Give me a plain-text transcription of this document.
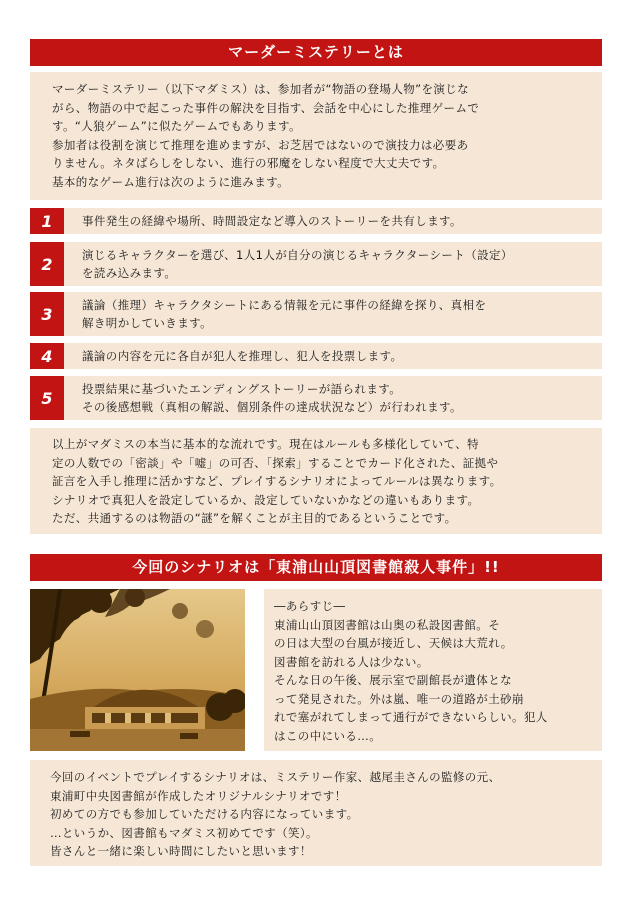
マーダーミステリーとは

マーダーミステリー（以下マダミス）は、参加者が“物語の登場人物”を演じな

がら、物語の中で起こった事件の解決を目指す、会話を中心にした推理ゲームで

す。“人狼ゲーム”に似たゲームでもあります。

参加者は役割を演じて推理を進めますが、お芝居ではないので演技力は必要あ

りません。ネタばらしをしない、進行の邪魔をしない程度で大丈夫です。

基本的なゲーム進行は次のように進みます。

1	事件発生の経緯や場所、時間設定など導入のストーリーを共有します。
2	演じるキャラクターを選び、1人1人が自分の演じるキャラクターシート（設定）
を読み込みます。
3	議論（推理）キャラクタシートにある情報を元に事件の経緯を探り、真相を
解き明かしていきます。
4	議論の内容を元に各自が犯人を推理し、犯人を投票します。
5	投票結果に基づいたエンディングストーリーが語られます。
その後感想戦（真相の解説、個別条件の達成状況など）が行われます。

以上がマダミスの本当に基本的な流れです。現在はルールも多様化していて、特

定の人数での「密談」や「嘘」の可否、「探索」することでカード化された、証拠や

証言を入手し推理に活かすなど、プレイするシナリオによってルールは異なります。

シナリオで真犯人を設定しているか、設定していないかなどの違いもあります。

ただ、共通するのは物語の“謎”を解くことが主目的であるということです。

今回のシナリオは「東浦山山頂図書館殺人事件」!!

―あらすじ―

東浦山山頂図書館は山奥の私設図書館。そ

の日は大型の台風が接近し、天候は大荒れ。

図書館を訪れる人は少ない。

そんな日の午後、展示室で副館長が遺体とな

って発見された。外は嵐、唯一の道路が土砂崩

れで塞がれてしまって通行ができないらしい。犯人

はこの中にいる…。

今回のイベントでプレイするシナリオは、ミステリー作家、越尾圭さんの監修の元、

東浦町中央図書館が作成したオリジナルシナリオです！

初めての方でも参加していただける内容になっています。

…というか、図書館もマダミス初めてです（笑）。

皆さんと一緒に楽しい時間にしたいと思います！
